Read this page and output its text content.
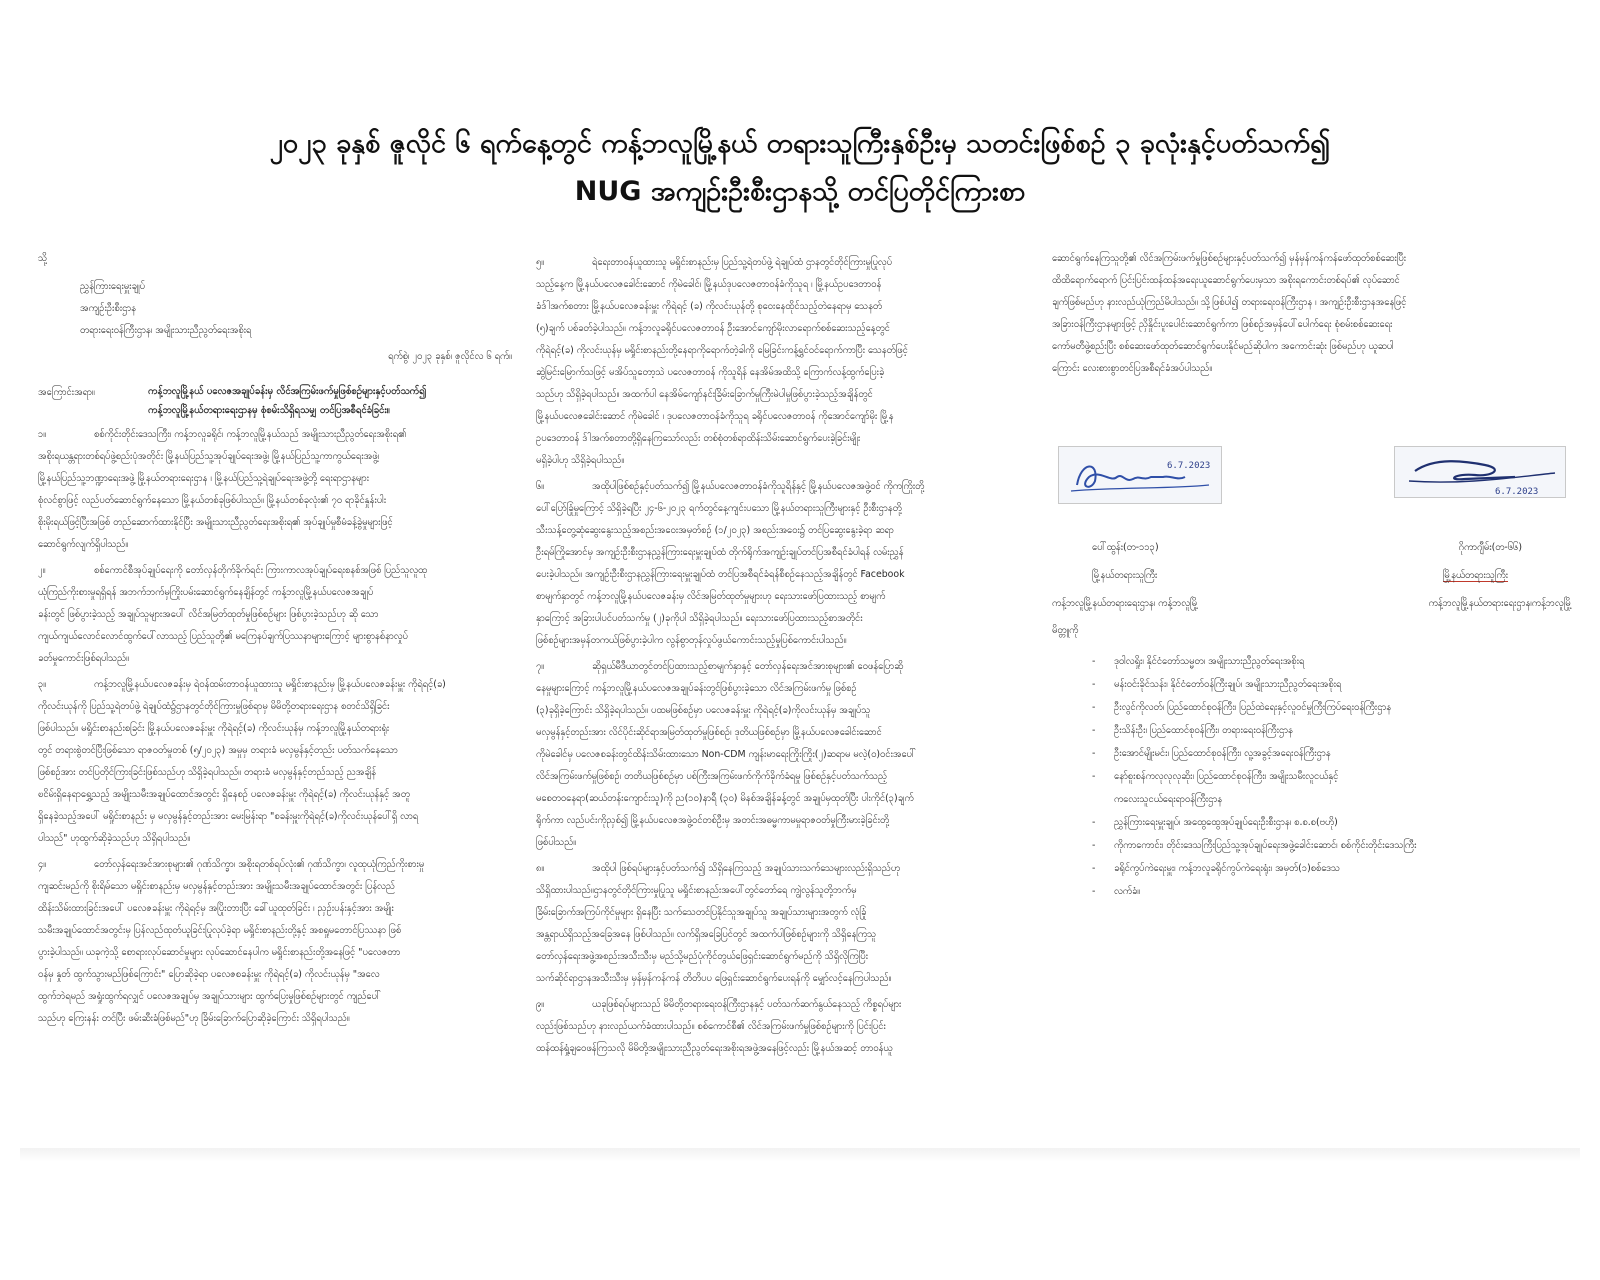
၂၀၂၃ ခုနှစ် ဇူလိုင် ၆ ရက်နေ့တွင် ကန့်ဘလူမြို့နယ် တရားသူကြီးနှစ်ဦးမှ သတင်းဖြစ်စဉ် ၃ ခုလုံးနှင့်ပတ်သက်၍
NUG အကျဉ်းဦးစီးဌာနသို့ တင်ပြတိုင်ကြားစာ
သို့
ညွှန်ကြားရေးမှူးချုပ်
အကျဉ်းဦးစီးဌာန
တရားရေးဝန်ကြီးဌာန၊ အမျိုးသားညီညွတ်ရေးအစိုးရ
ရက်စွဲ၊ ၂၀၂၃ ခုနှစ်၊ ဇူလိုင်လ ၆ ရက်။
အကြောင်းအရာ။	ကန့်ဘလူမြို့နယ် ပလေဇအချုပ်ခန်းမှ လိင်အကြမ်းဖက်မှုဖြစ်စဉ်များနှင့်ပတ်သက်၍
ကန့်ဘလူမြို့နယ်တရားရေးဌာနမှ စုံစမ်းသိရှိရသမျှ တင်ပြအစီရင်ခံခြင်း။
၁။	စစ်ကိုင်းတိုင်းဒေသကြီး၊ ကန့်ဘလူခရိုင်၊ ကန့်ဘလူမြို့နယ်သည် အမျိုးသားညီညွတ်ရေးအစိုးရ၏
အစိုးရယန္တရားတစ်ရပ်ဖွဲ့စည်းပုံအတိုင်း မြို့နယ်ပြည်သူ့အုပ်ချုပ်ရေးအဖွဲ့၊ မြို့နယ်ပြည်သူ့ကာကွယ်ရေးအဖွဲ့၊
မြို့နယ်ပြည်သူ့ဘဏ္ဍာရေးအဖွဲ့ မြို့နယ်တရားရေးဌာန ၊ မြို့နယ်ပြည်သူ့ရဲချုပ်ရေးအဖွဲ့တို့ ရေးရာဌာနများ
စုံလင်စွာဖြင့် လည်ပတ်ဆောင်ရွက်နေသော မြို့နယ်တစ်ခုဖြစ်ပါသည်။ မြို့နယ်တစ်ခုလုံး၏ ၇၀ ရာခိုင်နှုန်းပါး
စိုးမိုးရယ်ဖြင့်ပြီးအဖြစ် တည်ဆောက်ထားနိုင်ပြီး အမျိုးသားညီညွတ်ရေးအစိုးရ၏ အုပ်ချုပ်မှုစီမံခန့်ခွဲမှုများဖြင့်
ဆောင်ရွက်လျက်ရှိပါသည်။
၂။	စစ်ကောင်စီအုပ်ချုပ်ရေးကို တော်လှန်တိုက်ခိုက်ရင်း ကြားကာလအုပ်ချုပ်ရေးစနစ်အဖြစ် ပြည်သူလူထု
ယုံကြည်ကိုးစားမှုရရှိရန် အဘက်ဘက်မှကြိုးပမ်းဆောင်ရွက်နေချိန်တွင် ကန့်ဘလူမြို့နယ်ပလေဇအချုပ်
ခန်းတွင် ဖြစ်ပွားခဲ့သည့် အချုပ်သူများအပေါ် လိင်အမြတ်ထုတ်မှုဖြစ်စဉ်များ ဖြစ်ပွားခဲ့သည်ဟု ဆို သော
ကျယ်ကျယ်လောင်လောင်ထွက်ပေါ်လာသည့် ပြည်သူတို့၏ မကြေနပ်ချက်ပြဿနာများကြောင့် များစွာနစ်နာလှုပ်
ခတ်မှုကောင်းဖြစ်ရပါသည်။
၃။	ကန့်ဘလူမြို့နယ်ပလေဇခန်းမှ ရဲဝန်ထမ်းတာဝန်ယူထားသူ မရှိုင်းစာနည်းမှ မြို့နယ်ပလေဇခန်းမှူး ကိုရဲရင့်(ခ)
ကိုလင်းယုန်ကို ပြည်သူ့ရဲတပ်ဖွဲ့ ရဲချုပ်ထံ၌ဌာနတွင်တိုင်ကြားမှုဖြစ်ရာမှ မိမိတို့တရားရေးဌာန စတင်သိရှိခြင်း
ဖြစ်ပါသည်။ မရှိုင်းစာနည်းစခြင်း မြို့နယ်ပလေဇခန်းမှူး ကိုရဲရင့်(ခ) ကိုလင်းယုန်မှ ကန့်ဘလူမြို့နယ်တရားရုံး
တွင် တရားစွဲတင်ပြီးဖြစ်သော ရာဇဝတ်မှုတစ် (၅/၂၀၂၃) အမှုမှ တရားခံ မလှမွန်နှင့်တည်း ပတ်သက်နေသော
ဖြစ်စဉ်အား တင်ပြတိုင်ကြားခြင်းဖြစ်သည်ဟု သိရှိခဲ့ရပါသည်။ တရားခံ မလှမွန်နှင့်တည်သည့် ညအချိန်
ၿငိမ်းရှိနေရာရွှေ့သည့် အမျိုးသမီးအချုပ်ထောင်အတွင်း ရှိနေစဉ် ပလေဇခန်းမှူး ကိုရဲရင့်(ခ) ကိုလင်းယုန်နှင့် အတူ
ရှိနေခဲ့သည့်အပေါ် မရှိုင်းစာနည်း မှ မလှမွန်နှင့်တည်းအား မေးမြန်းရာ "စခန်းမှူးကိုရဲရင့်(ခ)ကိုလင်းယုန်ပေါ်ရှိ လာရ
ပါသည်" ဟုထွက်ဆိုခဲ့သည်ဟု သိရှိရပါသည်။
၄။	တော်လှန်ရေးအင်အားစုများ၏ ဂုဏ်သိက္ခာ၊ အစိုးရတစ်ရပ်လုံး၏ ဂုဏ်သိက္ခာ၊ လူထုယုံကြည်ကိုးစားမှု
ကျဆင်းမည်ကို စိုးရိမ်သော မရှိုင်းစာနည်းမှ မလှမွန်နှင့်တည်းအား အမျိုးသမီးအချုပ်ထောင်အတွင်း ပြန်လည်
ထိန်းသိမ်းထားခြင်းအပေါ် ပလေဇခန်းမှူး ကိုရဲရင့်မှ အပြိုးတားပြီး ခေါ်ယူထုတ်ခြင်း ၊ ညှဥ်းပန်းနှင့်အား အမျိုး
သမီးအချုပ်ထောင်အတွင်းမှ ပြန်လည်ထုတ်ယူခြင်းပြုလုပ်ခဲ့ရာ မရှိုင်းစာနည်းတို့နှင့် အစရှုမတောင်ပြဿနာ ဖြစ်
ပွားခဲ့ပါသည်။ ယခုကဲ့သို့ စောရားလုပ်ဆောင်မှုများ လုပ်ဆောင်နေပါက မရှိုင်းစာနည်းတို့အနေဖြင့် "ပလေဇတာ
ဝန်မှ နှုတ် ထွက်သွားမည်ဖြစ်ကြောင်း" ပြောဆိုခဲ့ရာ ပလေဇစခန်းမှူး ကိုရဲရင့်(ခ) ကိုလင်းယုန်မှ "အလေ
ထွက်ဘဲရမည် အရှုံးထွက်ရလျှင် ပလေဇအချုပ်မှ အချုပ်သားများ ထွက်ပြေးမှုဖြစ်စဉ်များတွင် ကျည်ပေါ်
သည်ဟု ကြေးနန်း တင်ပြီး ဖမ်းဆီးခံဖြစ်မည်"ဟု ခြိမ်းခြောက်ပြောဆိုခဲ့ကြောင်း သိရှိရပါသည်။
၅။	ရဲရေးတာဝန်ယူထားသူ မရှိုင်းစာနည်းမှ ပြည်သူ့ရဲတပ်ဖွဲ့ ရဲချုပ်ထံ ဌာနတွင်တိုင်ကြားမှုပြုလုပ်
သည့်နေ့က မြို့နယ်ပလေဇခေါင်းဆောင် ကိုမဲခေါင်၊ မြို့နယ်ဒုပလေဇတာဝန်ခံကိုသူရ ၊ မြို့နယ်ဥပဒေတာဝန်
ခံဒ်ါအက်စတား မြို့နယ်ပလေဇခန်းမှူး ကိုရဲရင့် (ခ) ကိုလင်းယုန်တို့ စုဝေးနေထိုင်သည့်တဲနေရာမှ သေနတ်
(၅)ချက် ပစ်ခတ်ခဲ့ပါသည်။ ကန့်ဘလူခရိုင်ပလေဇတာဝန် ဦးအောင်ကျော်မိုးလာရောက်စစ်ဆေးသည့်နေ့တွင်
ကိုရဲရင့်(ခ) ကိုလင်းယုန်မှ မရှိုင်းစာနည်းတို့နေရာကိုရောက်တဲ့ခါကို မြေခြင်းကန့်ရွှင်ဝင်ရောက်ကာပြီး သေနတ်ဖြင့်
ဆွဲမြင်းမြောက်သဖြင့် မအိပ်သူတော့သဲ ပလေဇတာဝန် ကိုသူရိန် နေအိမ်အထိသို့ ကြောက်လန့်ထွက်ပြေးခဲ့
သည်ဟု သိရှိခဲ့ရပါသည်။ အထက်ပါ နေအိမ်ကျော်နင်းခြိမ်းခြောက်မှုကြီးမဲပါမှုဖြစ်ပွားခဲ့သည့်အချိန်တွင်
မြို့နယ်ပလေဇခေါင်းဆောင် ကိုမဲခေါင် ၊ ဒုပလေဇတာဝန်ခံကိုသူရ ခရိုင်ပလေဇတာဝန် ကိုအောင်ကျော်မိုး မြို့န
ဥပဒေတာဝန် ဒ်ါအက်စတာတို့ရှိနေကြသော်လည်း တစ်စုံတစ်ရာထိန်းသိမ်းဆောင်ရွက်ပေးခဲ့ခြင်းမျိုး
မရှိခဲ့ပါဟု သိရှိခဲ့ရပါသည်။
၆။	အထိုပါဖြစ်စဉ်နှင့်ပတ်သက်၍ မြို့နယ်ပလေဇတာဝန်ခံကိုသူရိန်နှင့် မြို့နယ်ပလေဇအဖွဲ့ဝင် ကိုကကြိုးတို့
ပေါ်ပြော်ခြုံမှုကြောင့် သိရှိခဲ့ရပြီး ၂၄-၆-၂၀၂၃ ရက်တွင်နေ့ကျင်းပသော မြို့နယ်တရားသူကြီးများနှင့် ဦးစီးဌာနတို့
သီးသန့်တွေ့ဆုံဆွေးနွေးသည့်အစည်းအဝေးအမှတ်စဉ် (၁/၂၀၂၃) အစည်းအဝေး၌ တင်ပြဆွေးနွေးခဲ့ရာ ဆရာ
ဦးရမ်ကြိုအောင်မှ အကျဉ်းဦးစီးဌာနညွှန်ကြားရေးမှူးချုပ်ထံ တိုက်ရိုက်အကျဉ်းချုပ်တင်ပြအစီရင်ခံပါရန် လမ်းညွှန်
ပေးခဲ့ပါသည်။ အကျဉ်းဦးစီးဌာနညွှန်ကြားရေးမှူးချုပ်ထံ တင်ပြအစီရင်ခံရန်စီစဉ်နေသည့်အချိန်တွင် Facebook
စာမျက်နှာတွင် ကန့်ဘလူမြို့နယ်ပလေဇခန်းမှ လိင်အမြတ်ထုတ်မှုများဟု ရေးသားဖော်ပြထားသည့် စာမျက်
နှာကြောင့် အခြားပါပင်ပတ်သက်မှု (၂)ခုကိုပါ သိရှိခဲ့ရပါသည်။ ရေးသားဖော်ပြထားသည့်စာအတိုင်း
ဖြစ်စဉ်များအမှန်တကယ်ဖြစ်ပွားခဲ့ပါက လွန်စွာတုန်လှုပ်ဖွယ်ကောင်းသည့်မှုပြစ်ကောင်းပါသည်။
၇။	ဆိုရှယ်မီဒီယာတွင်တင်ပြထားသည့်စာမျက်နှာနှင့် တော်လှန်ရေးအင်အားစုများ၏ ဝေဖန်ပြောဆို
နေမှုများကြောင့် ကန့်ဘလူမြို့နယ်ပလေဇအချုပ်ခန်းတွင်ဖြစ်ပွားခဲ့သော လိင်အကြမ်းဖက်မှု ဖြစ်စဉ်
(၃)ခုရှိခဲ့ကြောင်း သိရှိခဲ့ရပါသည်။ ပထမဖြစ်စဉ်မှာ ပလေဇခန်းမှူး ကိုရဲရင့်(ခ)ကိုလင်းယုန်မှ အချုပ်သူ
မလှမွန်နှင့်တည်းအား လိင်ပိုင်းဆိုင်ရာအမြတ်ထုတ်မှုဖြစ်စဉ်၊ ဒုတိယဖြစ်စဉ်မှာ မြို့နယ်ပလေဇခေါင်းဆောင်
ကိုမဲခေါင်မှ ပလေဇစခန်းတွင်ထိန်းသိမ်းထားသော Non-CDM ကျန်းမာရေးကြိုးကြိုး(၂)ဆရာမ မလဲ့(ဝ)ဝင်းအပေါ်
လိင်အကြမ်းဖက်မှုဖြစ်စဉ်၊ တတိယဖြစ်စဉ်မှာ ပစ်ကြီးအကြမ်းဖက်ကိုက်ခိုက်ခံရမှု ဖြစ်စဉ်နှင့်ပတ်သက်သည့်
မစေတဝနေရာ(ဆယ်တန်းကျောင်းသူ)ကို ည(၁၀)နာရီ (၃၀) မိနစ်အချိန်ခန့်တွင် အချုပ်မှထုတ်ပြီး ပါးကိုင်(၃)ချက်
ရိုက်ကာ လည်ပင်းကိုညှစ်၍ မြို့နယ်ပလေဇအဖွဲ့ဝင်တစ်ဦးမှ အတင်းအဓမ္မကာမမှုရာဇဝတ်မှုကြီးမားခဲ့ခြင်းတို့
ဖြစ်ပါသည်။
၈။	အထိုပါ ဖြစ်ရပ်များနှင့်ပတ်သက်၍ သိရှိနေကြသည့် အချုပ်သားသက်သေများလည်းရှိသည်ဟု
သိရှိထားပါသည်။ဌာနတွင်တိုင်ကြားမှုပြုသူ မရှိုင်းစာနည်းအပေါ်တွင်တော်ရေ ကျွဲလွန်သူတို့ဘက်မှ
ခြိမ်းခြောက်အကြပ်ကိုင်မှုများ ရှိနေပြီး သက်သေတင်ပြနိုင်သူအချုပ်သူ အချုပ်သားများအတွက် လုံခြုံ
အန္တရာယ်ရှိသည့်အခြေအနေ ဖြစ်ပါသည်။ လက်ရှိအခြေပြင်တွင် အထက်ပါဖြစ်စဉ်များကို သိရှိနေကြသူ
တော်လှန်ရေးအဖွဲ့အစည်းအသီးသီးမှ မည်သို့မည်ပုံကိုင်တွယ်ဖြေရှင်းဆောင်ရွက်မည်ကို သိရှိလိုကြပြီး
သက်ဆိုင်ရာဌာနအသီးသီးမှ မှန်မှန်ကန်ကန် တိတိပပ ဖြေရှင်းဆောင်ရွက်ပေးရန်ကို မျှော်လင့်နေကြပါသည်။
၉။	ယခုဖြစ်ရပ်များသည် မိမိတို့တရားရေးဝန်ကြီးဌာနနှင့် ပတ်သက်ဆက်နွယ်နေသည့် ကိစ္စရပ်များ
လည်းဖြစ်သည်ဟု နားလည်ယက်ခံထားပါသည်။ စစ်ကောင်စီ၏ လိင်အကြမ်းဖက်မှုဖြစ်စဉ်များကို ပြင်းပြင်း
ထန်ထန်ရှုံ့ချဝေဖန်ကြသလို မိမိတို့အမျိုးသားညီညွတ်ရေးအစိုးရအဖွဲ့အနေဖြင့်လည်း မြို့နယ်အဆင့် တာဝန်ယူ
ဆောင်ရွက်နေကြသူတို့၏ လိင်အကြမ်းဖက်မှုဖြစ်စဉ်များနှင့်ပတ်သက်၍ မှန်မှန်ကန်ကန်ဖော်ထုတ်စစ်ဆေးပြီး
ထိထိရောက်ရောက် ပြင်းပြင်းထန်ထန်အရေးယူဆောင်ရွက်ပေးမှသာ အစိုးရကောင်းတစ်ရပ်၏ လုပ်ဆောင်
ချက်ဖြစ်မည်ဟု နားလည်ယုံကြည်မိပါသည်။ သို့ဖြစ်ပါ၍ တရားရေးဝန်ကြီးဌာန ၊ အကျဉ်းဦးစီးဌာနအနေဖြင့်
အခြားဝန်ကြီးဌာနများဖြင့် ညှိနှိုင်းပူးပေါင်းဆောင်ရွက်ကာ ဖြစ်စဉ်အမှန်ပေါ်ပေါက်ရေး စုံစမ်းစစ်ဆေးရေး
ကော်မတီဖွဲ့စည်းပြီး စစ်ဆေးဖော်ထုတ်ဆောင်ရွက်ပေးနိုင်မည်ဆိုပါက အကောင်းဆုံး ဖြစ်မည်ဟု ယူဆပါ
ကြောင်း လေးစားစွာတင်ပြအစီရင်ခံအပ်ပါသည်။
6.7.2023
6.7.2023
ပေါ်ထွန်း(တ-၁၁၃)
မြို့နယ်တရားသူကြီး
ကန့်ဘလူမြို့နယ်တရားရေးဌာန၊ ကန့်ဘလူမြို့
ဂိုကာဂျီမ်း(တ-၆၆)
မြို့နယ်တရားသူကြီး
ကန့်ဘလူမြို့နယ်တရားရေးဌာန၊ကန့်ဘလူမြို့
မိတ္တူကို
- ဒုဝါလရှိုး၊ နိုင်ငံတော်သမ္မတ၊ အမျိုးသားညီညွတ်ရေးအစိုးရ
- မန်းဝင်းခိုင်သန်း၊ နိုင်ငံတော်ဝန်ကြီးချုပ်၊ အမျိုးသားညီညွတ်ရေးအစိုးရ
- ဦးလွင်ကိုလတ်၊ ပြည်ထောင်စုဝန်ကြီး၊ ပြည်ထဲရေးနှင့်လူဝင်မှုကြီးကြပ်ရေးဝန်ကြီးဌာန
- ဦးသိန်းဦး၊ ပြည်ထောင်စုဝန်ကြီး၊ တရားရေးဝန်ကြီးဌာန
- ဦးအောင်မျိုးမင်း၊ ပြည်ထောင်စုဝန်ကြီး၊ လူ့အခွင့်အရေးဝန်ကြီးဌာန
- နော်စူးစန်ကလုလုလုဆိုး၊ ပြည်ထောင်စုဝန်ကြီး၊ အမျိုးသမီးလူငယ်နှင့်
ကလေးသူငယ်ရေးရာဝန်ကြီးဌာန
- ညွှန်ကြားရေးမှူးချုပ်၊ အထွေထွေအုပ်ချုပ်ရေးဦးစီးဌာန၊ စ.စ.စ(ဗဟို)
- ကိုကာကောင်း၊ တိုင်းဒေသကြီးပြည်သူ့အုပ်ချုပ်ရေးအဖွဲ့ခေါင်းဆောင်၊ စစ်ကိုင်းတိုင်းဒေသကြီး
- ခရိုင်ကွပ်ကဲရေးမှူး၊ ကန့်ဘလူခရိုင်ကွပ်ကဲရေးရုံး၊ အမှတ်(၁)စစ်ဒေသ
- လက်ခံ။
